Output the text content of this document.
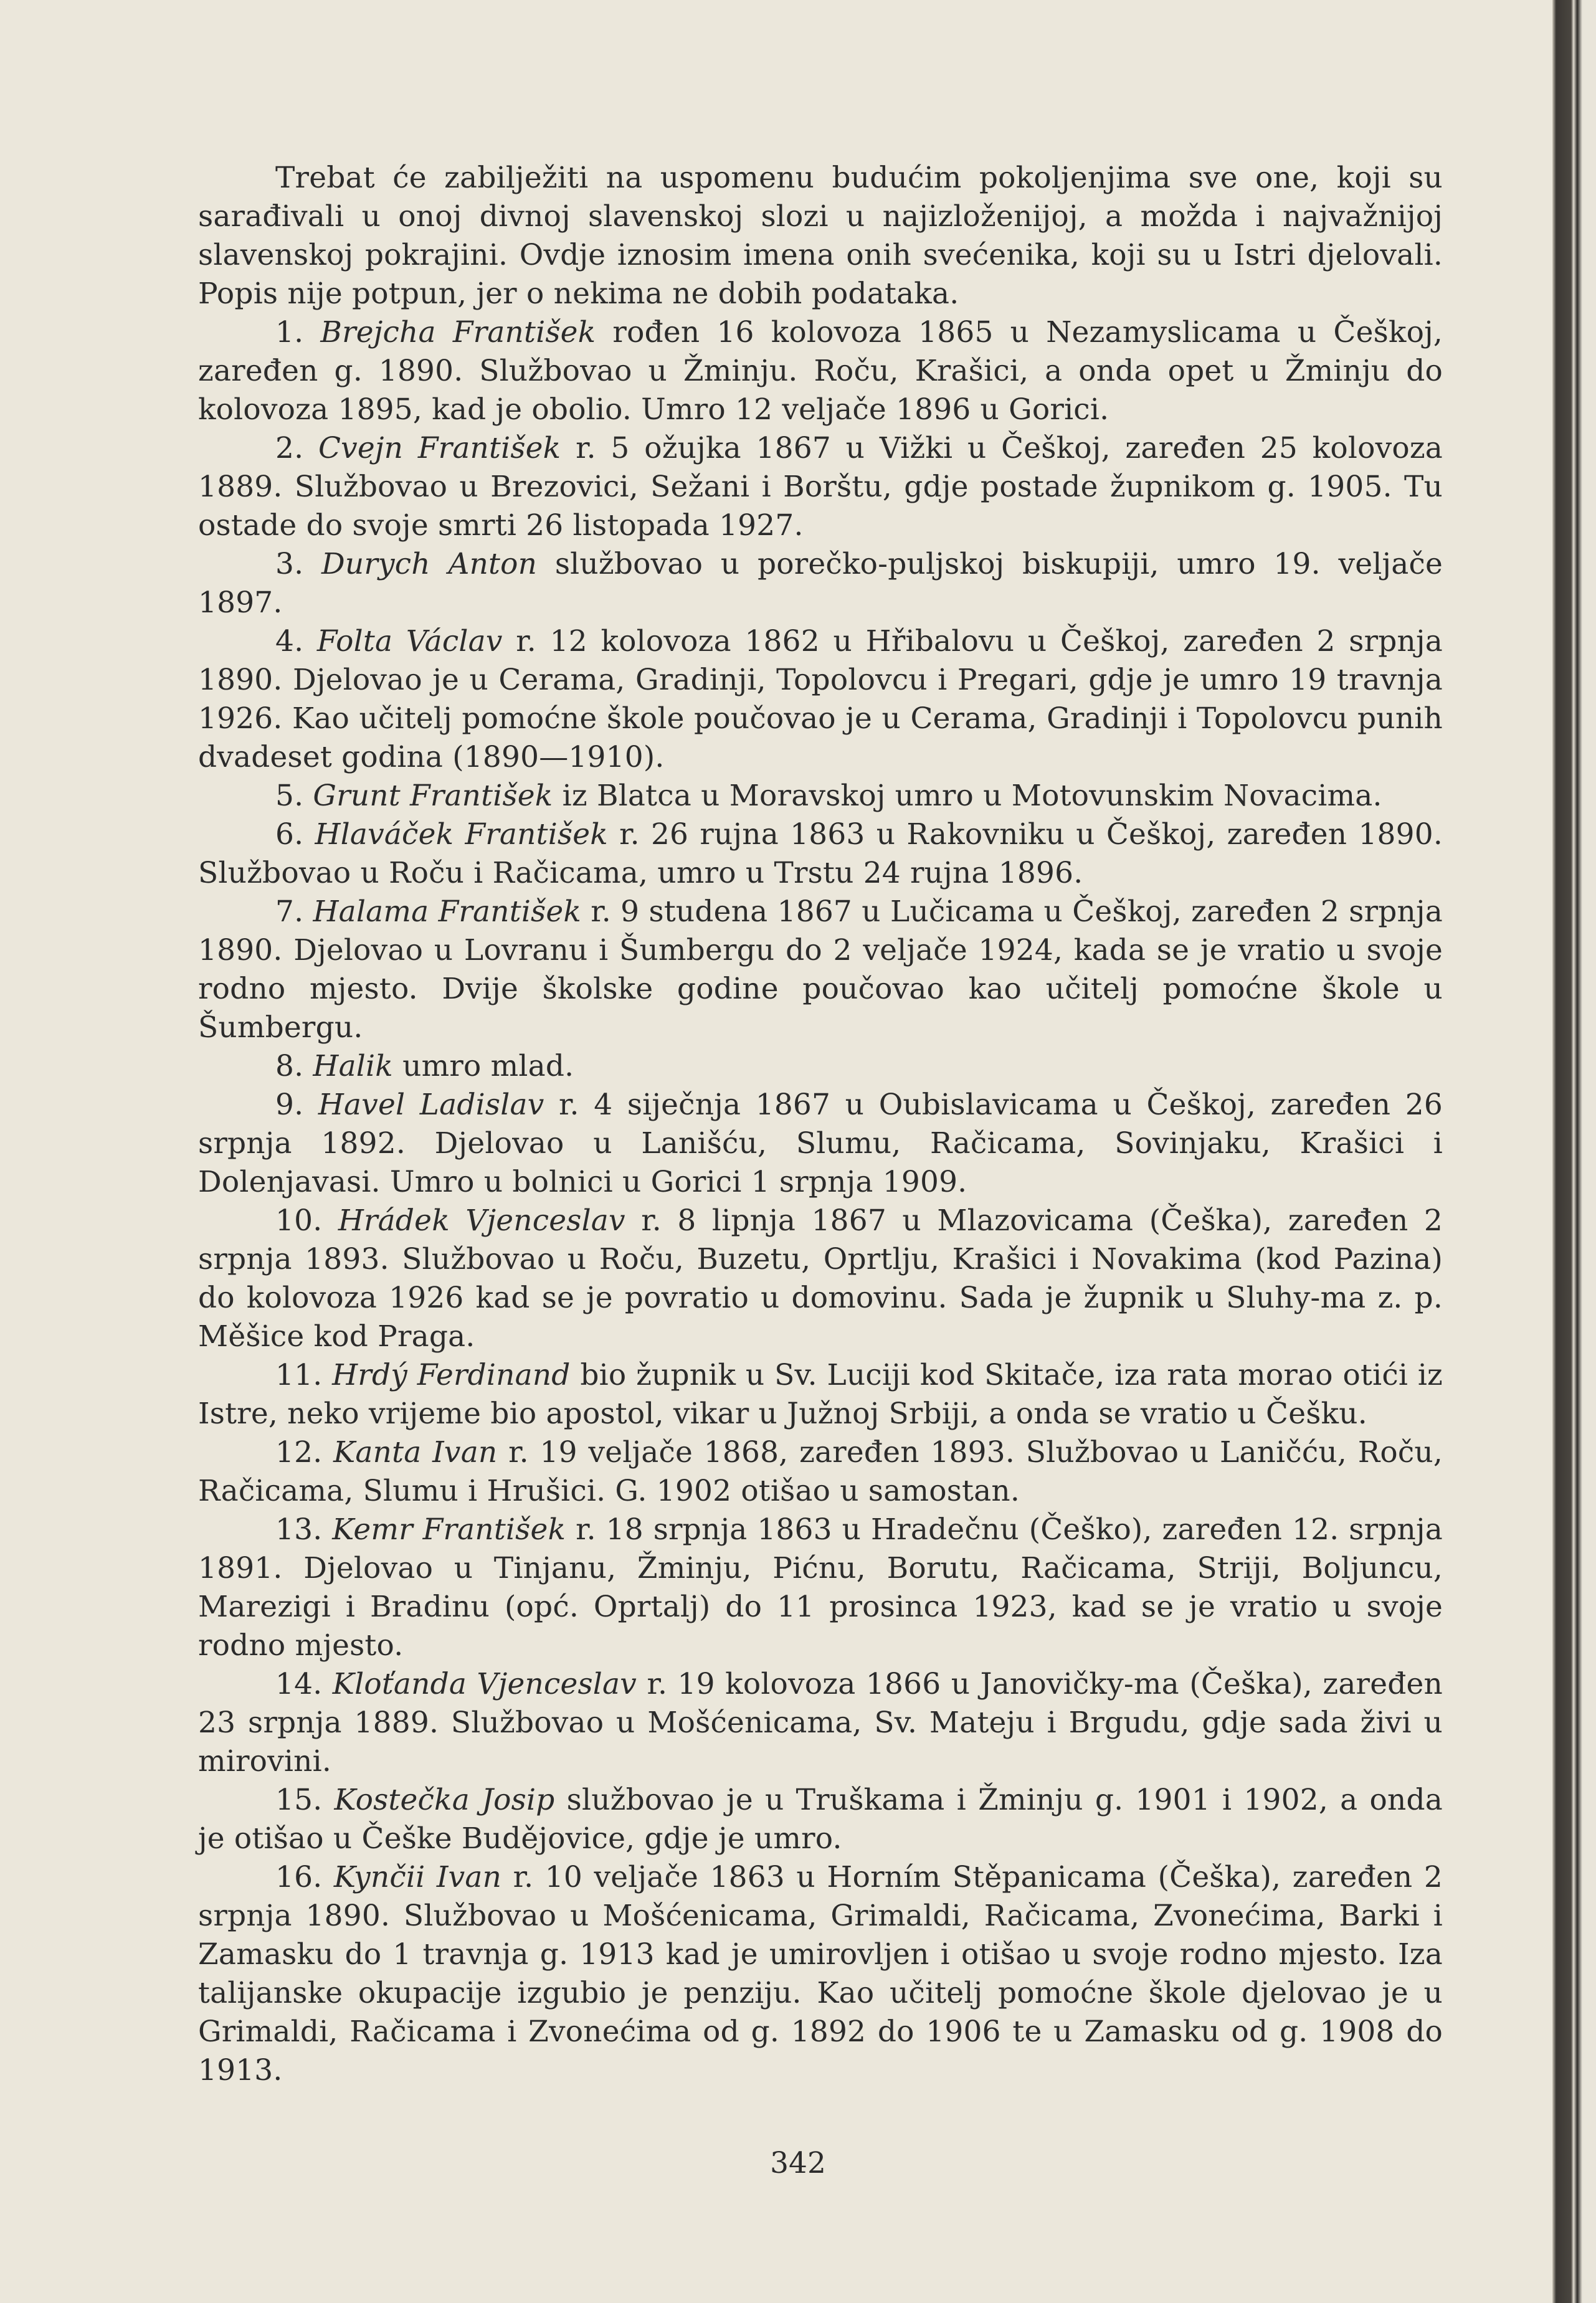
Trebat će zabilježiti na uspomenu budućim pokoljenjima sve one, koji su sarađivali u onoj divnoj slavenskoj slozi u najizloženijoj, a možda i najvažnijoj slavenskoj pokrajini. Ovdje iznosim imena onih svećenika, koji su u Istri djelovali. Popis nije potpun, jer o nekima ne dobih podataka.

1. Brejcha František rođen 16 kolovoza 1865 u Nezamyslicama u Češkoj, zaređen g. 1890. Službovao u Žminju. Roču, Krašici, a onda opet u Žminju do kolovoza 1895, kad je obolio. Umro 12 veljače 1896 u Gorici.

2. Cvejn František r. 5 ožujka 1867 u Vižki u Češkoj, zaređen 25 kolovoza 1889. Službovao u Brezovici, Sežani i Borštu, gdje postade župnikom g. 1905. Tu ostade do svoje smrti 26 listopada 1927.

3. Durych Anton službovao u porečko-puljskoj biskupiji, umro 19. veljače 1897.

4. Folta Václav r. 12 kolovoza 1862 u Hřibalovu u Češkoj, zaređen 2 srpnja 1890. Djelovao je u Cerama, Gradinji, Topolovcu i Pregari, gdje je umro 19 travnja 1926. Kao učitelj pomoćne škole poučovao je u Cerama, Gradinji i Topolovcu punih dvadeset godina (1890—1910).

5. Grunt František iz Blatca u Moravskoj umro u Motovunskim Novacima.

6. Hlaváček František r. 26 rujna 1863 u Rakovniku u Češkoj, zaređen 1890. Službovao u Roču i Račicama, umro u Trstu 24 rujna 1896.

7. Halama František r. 9 studena 1867 u Lučicama u Češkoj, zaređen 2 srpnja 1890. Djelovao u Lovranu i Šumbergu do 2 veljače 1924, kada se je vratio u svoje rodno mjesto. Dvije školske godine poučovao kao učitelj pomoćne škole u Šumbergu.

8. Halik umro mlad.

9. Havel Ladislav r. 4 siječnja 1867 u Oubislavicama u Češkoj, zaređen 26 srpnja 1892. Djelovao u Lanišću, Slumu, Račicama, Sovinjaku, Krašici i Dolenjavasi. Umro u bolnici u Gorici 1 srpnja 1909.

10. Hrádek Vjenceslav r. 8 lipnja 1867 u Mlazovicama (Češka), zaređen 2 srpnja 1893. Službovao u Roču, Buzetu, Oprtlju, Krašici i Novakima (kod Pazina) do kolovoza 1926 kad se je povratio u domovinu. Sada je župnik u Sluhy-ma z. p. Měšice kod Praga.

11. Hrdý Ferdinand bio župnik u Sv. Luciji kod Skitače, iza rata morao otići iz Istre, neko vrijeme bio apostol, vikar u Južnoj Srbiji, a onda se vratio u Češku.

12. Kanta Ivan r. 19 veljače 1868, zaređen 1893. Službovao u Laničću, Roču, Račicama, Slumu i Hrušici. G. 1902 otišao u samostan.

13. Kemr František r. 18 srpnja 1863 u Hradečnu (Češko), zaređen 12. srpnja 1891. Djelovao u Tinjanu, Žminju, Pićnu, Borutu, Račicama, Striji, Boljuncu, Marezigi i Bradinu (opć. Oprtalj) do 11 prosinca 1923, kad se je vratio u svoje rodno mjesto.

14. Kloťanda Vjenceslav r. 19 kolovoza 1866 u Janovičky-ma (Češka), zaređen 23 srpnja 1889. Službovao u Mošćenicama, Sv. Mateju i Brgudu, gdje sada živi u mirovini.

15. Kostečka Josip službovao je u Truškama i Žminju g. 1901 i 1902, a onda je otišao u Češke Budějovice, gdje je umro.

16. Kynčii Ivan r. 10 veljače 1863 u Horním Stěpanicama (Češka), zaređen 2 srpnja 1890. Službovao u Mošćenicama, Grimaldi, Račicama, Zvonećima, Barki i Zamasku do 1 travnja g. 1913 kad je umirovljen i otišao u svoje rodno mjesto. Iza talijanske okupacije izgubio je penziju. Kao učitelj pomoćne škole djelovao je u Grimaldi, Račicama i Zvonećima od g. 1892 do 1906 te u Zamasku od g. 1908 do 1913.

342
